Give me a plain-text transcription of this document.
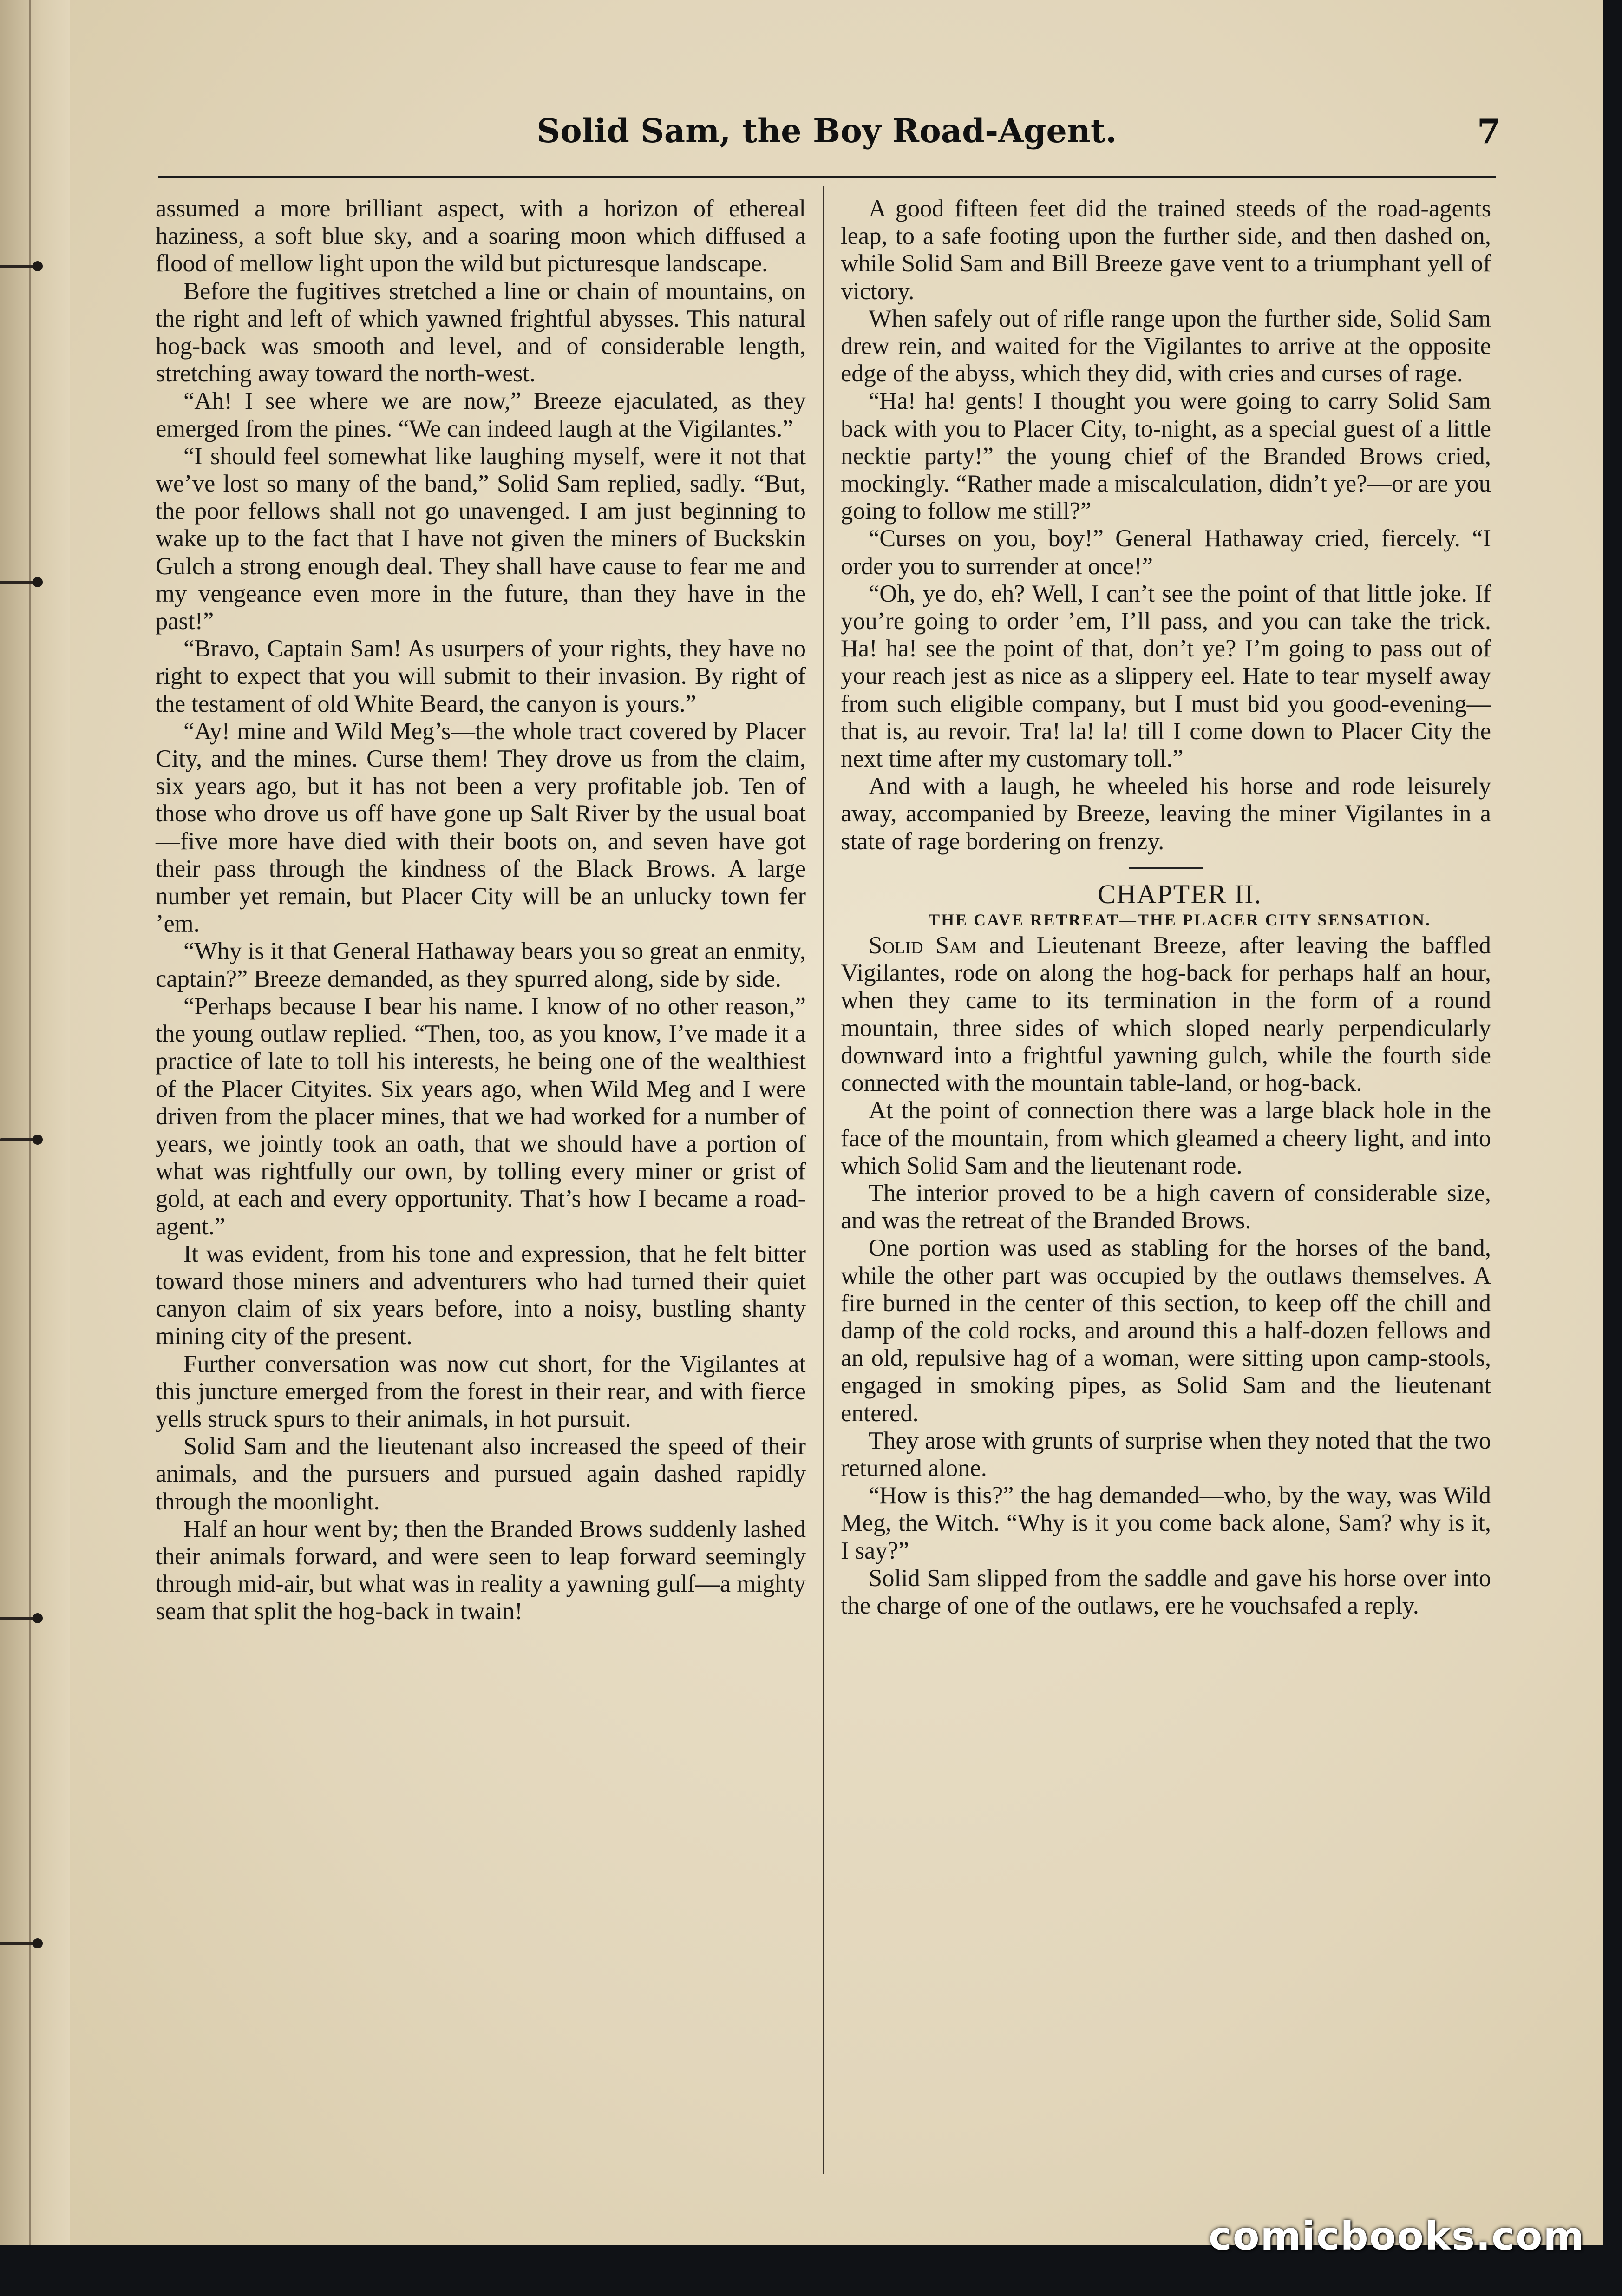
Solid Sam, the Boy Road-Agent.	7

assumed a more brilliant aspect, with a horizon of ethereal haziness, a soft blue sky, and a soaring moon which diffused a flood of mellow light upon the wild but picturesque landscape.

Before the fugitives stretched a line or chain of mountains, on the right and left of which yawned frightful abysses. This natural hog-back was smooth and level, and of considerable length, stretching away toward the north-west.

“Ah! I see where we are now,” Breeze ejaculated, as they emerged from the pines. “We can indeed laugh at the Vigilantes.”

“I should feel somewhat like laughing myself, were it not that we’ve lost so many of the band,” Solid Sam replied, sadly. “But, the poor fellows shall not go unavenged. I am just beginning to wake up to the fact that I have not given the miners of Buckskin Gulch a strong enough deal. They shall have cause to fear me and my vengeance even more in the future, than they have in the past!”

“Bravo, Captain Sam! As usurpers of your rights, they have no right to expect that you will submit to their invasion. By right of the testament of old White Beard, the canyon is yours.”

“Ay! mine and Wild Meg’s—the whole tract covered by Placer City, and the mines. Curse them! They drove us from the claim, six years ago, but it has not been a very profitable job. Ten of those who drove us off have gone up Salt River by the usual boat—five more have died with their boots on, and seven have got their pass through the kindness of the Black Brows. A large number yet remain, but Placer City will be an unlucky town fer ’em.

“Why is it that General Hathaway bears you so great an enmity, captain?” Breeze demanded, as they spurred along, side by side.

“Perhaps because I bear his name. I know of no other reason,” the young outlaw replied. “Then, too, as you know, I’ve made it a practice of late to toll his interests, he being one of the wealthiest of the Placer Cityites. Six years ago, when Wild Meg and I were driven from the placer mines, that we had worked for a number of years, we jointly took an oath, that we should have a portion of what was rightfully our own, by tolling every miner or grist of gold, at each and every opportunity. That’s how I became a road-agent.”

It was evident, from his tone and expression, that he felt bitter toward those miners and adventurers who had turned their quiet canyon claim of six years before, into a noisy, bustling shanty mining city of the present.

Further conversation was now cut short, for the Vigilantes at this juncture emerged from the forest in their rear, and with fierce yells struck spurs to their animals, in hot pursuit.

Solid Sam and the lieutenant also increased the speed of their animals, and the pursuers and pursued again dashed rapidly through the moonlight.

Half an hour went by; then the Branded Brows suddenly lashed their animals forward, and were seen to leap forward seemingly through mid-air, but what was in reality a yawning gulf—a mighty seam that split the hog-back in twain!

A good fifteen feet did the trained steeds of the road-agents leap, to a safe footing upon the further side, and then dashed on, while Solid Sam and Bill Breeze gave vent to a triumphant yell of victory.

When safely out of rifle range upon the further side, Solid Sam drew rein, and waited for the Vigilantes to arrive at the opposite edge of the abyss, which they did, with cries and curses of rage.

“Ha! ha! gents! I thought you were going to carry Solid Sam back with you to Placer City, to-night, as a special guest of a little necktie party!” the young chief of the Branded Brows cried, mockingly. “Rather made a miscalculation, didn’t ye?—or are you going to follow me still?”

“Curses on you, boy!” General Hathaway cried, fiercely. “I order you to surrender at once!”

“Oh, ye do, eh? Well, I can’t see the point of that little joke. If you’re going to order ’em, I’ll pass, and you can take the trick. Ha! ha! see the point of that, don’t ye? I’m going to pass out of your reach jest as nice as a slippery eel. Hate to tear myself away from such eligible company, but I must bid you good-evening—that is, au revoir. Tra! la! la! till I come down to Placer City the next time after my customary toll.”

And with a laugh, he wheeled his horse and rode leisurely away, accompanied by Breeze, leaving the miner Vigilantes in a state of rage bordering on frenzy.

CHAPTER II.

THE CAVE RETREAT—THE PLACER CITY SENSATION.

Solid Sam and Lieutenant Breeze, after leaving the baffled Vigilantes, rode on along the hog-back for perhaps half an hour, when they came to its termination in the form of a round mountain, three sides of which sloped nearly perpendicularly downward into a frightful yawning gulch, while the fourth side connected with the mountain table-land, or hog-back.

At the point of connection there was a large black hole in the face of the mountain, from which gleamed a cheery light, and into which Solid Sam and the lieutenant rode.

The interior proved to be a high cavern of considerable size, and was the retreat of the Branded Brows.

One portion was used as stabling for the horses of the band, while the other part was occupied by the outlaws themselves. A fire burned in the center of this section, to keep off the chill and damp of the cold rocks, and around this a half-dozen fellows and an old, repulsive hag of a woman, were sitting upon camp-stools, engaged in smoking pipes, as Solid Sam and the lieutenant entered.

They arose with grunts of surprise when they noted that the two returned alone.

“How is this?” the hag demanded—who, by the way, was Wild Meg, the Witch. “Why is it you come back alone, Sam? why is it, I say?”

Solid Sam slipped from the saddle and gave his horse over into the charge of one of the outlaws, ere he vouchsafed a reply.

comicbooks.com
